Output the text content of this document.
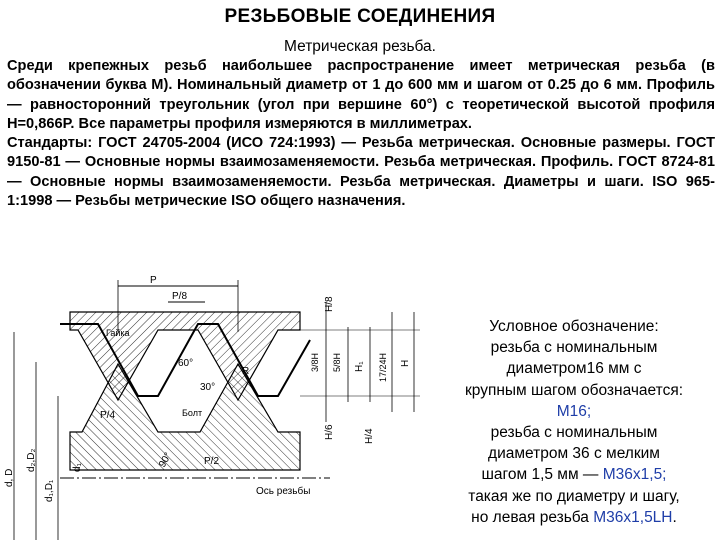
РЕЗЬБОВЫЕ СОЕДИНЕНИЯ
Метрическая резьба.

Среди крепежных резьб наибольшее распространение имеет метрическая резьба (в обозначении буква М). Номинальный диаметр от 1 до 600 мм и шагом от 0.25 до 6 мм. Профиль — равносторонний треугольник (угол при вершине 60°) с теоретической высотой профиля H=0,866P. Все параметры профиля измеряются в миллиметрах.

Стандарты: ГОСТ 24705-2004 (ИСО 724:1993) — Резьба метрическая. Основные размеры. ГОСТ 9150-81 — Основные нормы взаимозаменяемости. Резьба метрическая. Профиль. ГОСТ 8724-81 — Основные нормы взаимозаменяемости. Резьба метрическая. Диаметры и шаги. ISO 965-1:1998 — Резьбы метрические ISO общего назначения.

P
P/8	H/8
3/8H 5/8H H₁ 17/24H H
H/6	H/4
Гайка
60°
30°
R
P/4	Болт
P/2
90°
Ось резьбы
d, D
d₂,D₂
d₁,D₁
d₁
Условное обозначение:
резьба с номинальным
диаметром16 мм с
крупным шагом обозначается:
М16;
резьба с номинальным
диаметром 36 с мелким
шагом 1,5 мм — М36х1,5;
такая же по диаметру и шагу,
но левая резьба М36х1,5LH.
